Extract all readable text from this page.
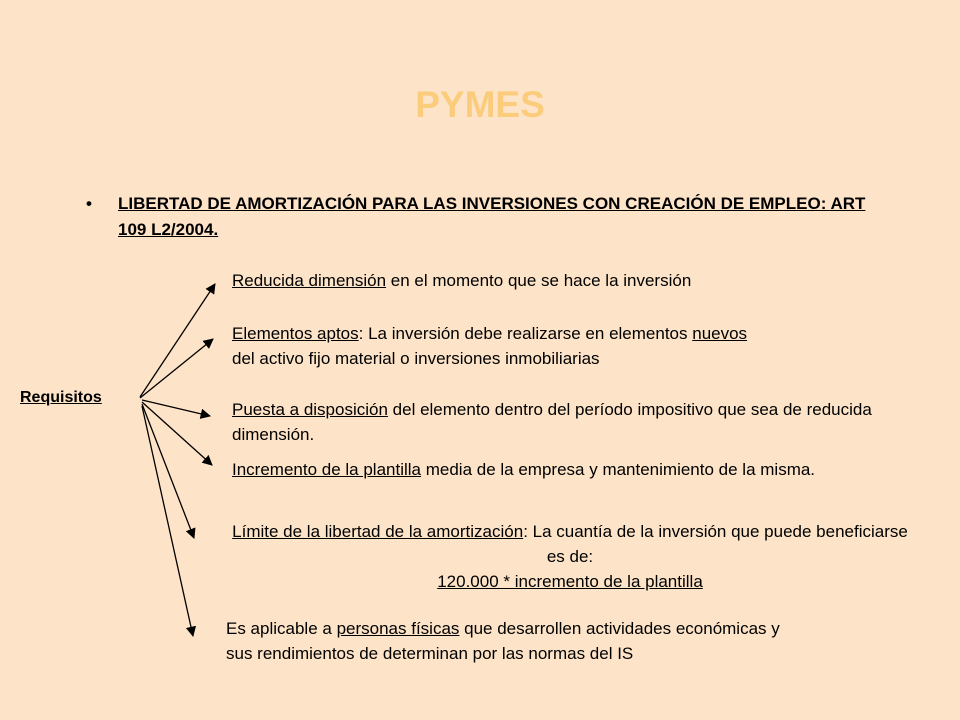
PYMES
• LIBERTAD DE AMORTIZACIÓN PARA LAS INVERSIONES CON CREACIÓN DE EMPLEO: ART 109 L2/2004.
Requisitos
Reducida dimensión en el momento que se hace la inversión
Elementos aptos: La inversión debe realizarse en elementos nuevos
del activo fijo material o inversiones inmobiliarias
Puesta a disposición del elemento dentro del período impositivo que sea de reducida dimensión.
Incremento de la plantilla media de la empresa y mantenimiento de la misma.
Límite de la libertad de la amortización: La cuantía de la inversión que puede beneficiarse es de:
120.000 * incremento de la plantilla
Es aplicable a personas físicas que desarrollen actividades económicas y sus rendimientos de determinan por las normas del IS
